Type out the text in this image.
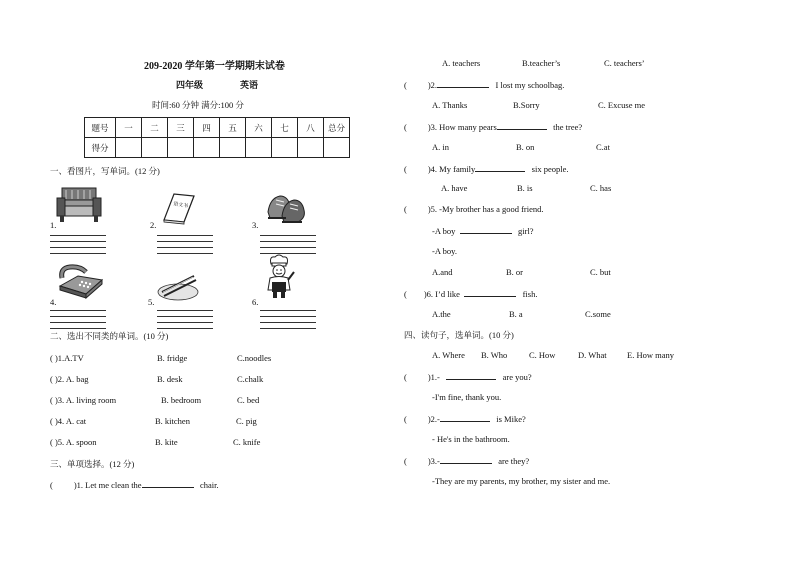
209-2020 学年第一学期期末试卷
四年级	英语
时间:60 分钟 满分:100 分
题号	一	二	三	四	五	六	七	八	总分
得分									
一、看图片，写单词。(12 分)
1.
语文书
2.	3.
4.	5.	6.
二、选出不同类的单词。(10 分)
( )1.A.TV	B. fridge	C.noodles
( )2. A. bag	B. desk	C.chalk
( )3. A. living room	B. bedroom	C. bed
( )4. A. cat	B. kitchen	C. pig
( )5. A. spoon	B. kite	C. knife
三、单项选择。(12 分)
( )1. Let me clean the	chair.
A. teachers	B.teacher’s	C. teachers’
( )2.	I lost my schoolbag.
A. Thanks	B.Sorry	C. Excuse me
( )3. How many pears	the tree?
A. in	B. on	C.at
( )4. My family	six people.
A. have	B. is	C. has
( )5. -My brother has a good friend.
-A boy	girl?
-A boy.
A.and	B. or	C. but
( )6. I’d like	fish.
A.the	B. a	C.some
四、读句子，选单词。(10 分)
A. Where B. Who	C. How	D. What E. How many
( )1.-	are you?
-I'm fine, thank you.
( )2.-	is Mike?
- He's in the bathroom.
( )3.-	are they?
-They are my parents, my brother, my sister and me.
